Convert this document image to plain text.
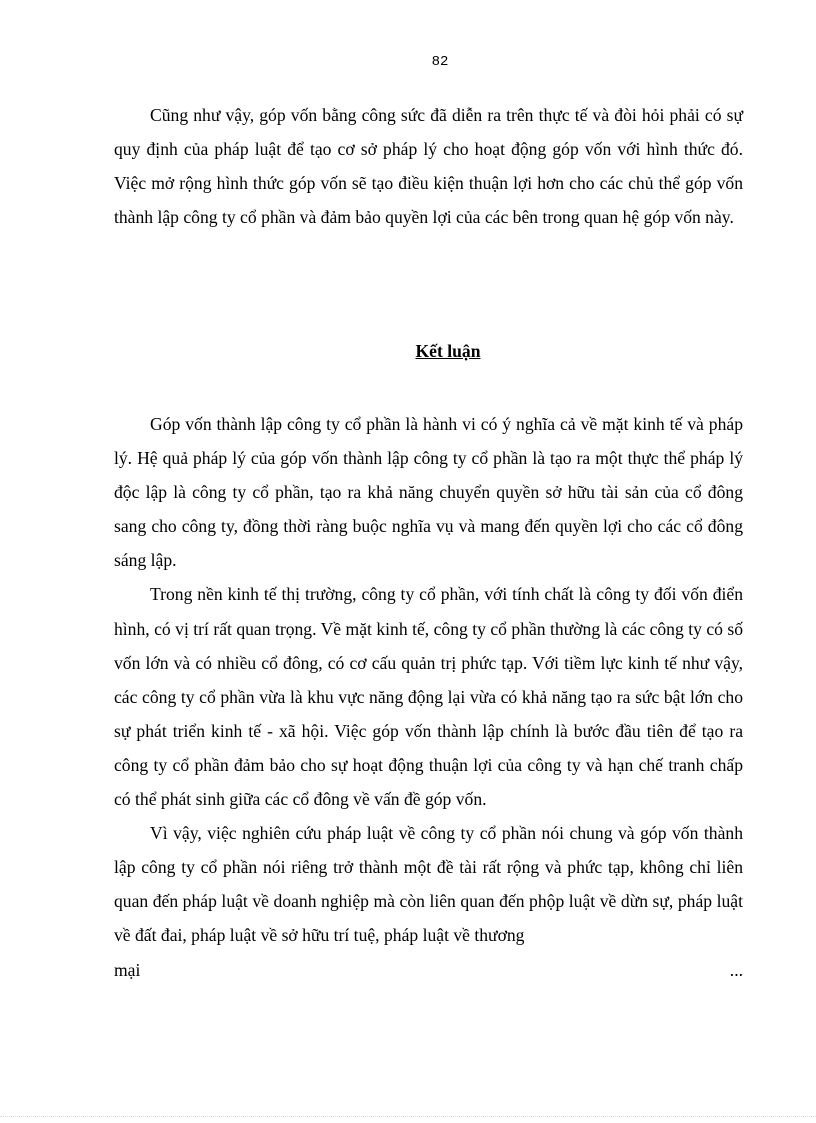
82

Cũng như vậy, góp vốn bằng công sức đã diễn ra trên thực tế và đòi hỏi phải có sự quy định của pháp luật để tạo cơ sở pháp lý cho hoạt động góp vốn với hình thức đó. Việc mở rộng hình thức góp vốn sẽ tạo điều kiện thuận lợi hơn cho các chủ thể góp vốn thành lập công ty cổ phần và đảm bảo quyền lợi của các bên trong quan hệ góp vốn này.

Kết luận

Góp vốn thành lập công ty cổ phần là hành vi có ý nghĩa cả về mặt kinh tế và pháp lý. Hệ quả pháp lý của góp vốn thành lập công ty cổ phần là tạo ra một thực thể pháp lý độc lập là công ty cổ phần, tạo ra khả năng chuyển quyền sở hữu tài sản của cổ đông sang cho công ty, đồng thời ràng buộc nghĩa vụ và mang đến quyền lợi cho các cổ đông sáng lập.

Trong nền kinh tế thị trường, công ty cổ phần, với tính chất là công ty đối vốn điển hình, có vị trí rất quan trọng. Về mặt kinh tế, công ty cổ phần thường là các công ty có số vốn lớn và có nhiều cổ đông, có cơ cấu quản trị phức tạp. Với tiềm lực kinh tế như vậy, các công ty cổ phần vừa là khu vực năng động lại vừa có khả năng tạo ra sức bật lớn cho sự phát triển kinh tế - xã hội. Việc góp vốn thành lập chính là bước đầu tiên để tạo ra công ty cổ phần đảm bảo cho sự hoạt động thuận lợi của công ty và hạn chế tranh chấp có thể phát sinh giữa các cổ đông về vấn đề góp vốn.

Vì vậy, việc nghiên cứu pháp luật về công ty cổ phần nói chung và góp vốn thành lập công ty cổ phần nói riêng trở thành một đề tài rất rộng và phức tạp, không chỉ liên quan đến pháp luật về doanh nghiệp mà còn liên quan đến phộp luật về dừn sự, pháp luật về đất đai, pháp luật về sở hữu trí tuệ, pháp luật về thương

mại	...
